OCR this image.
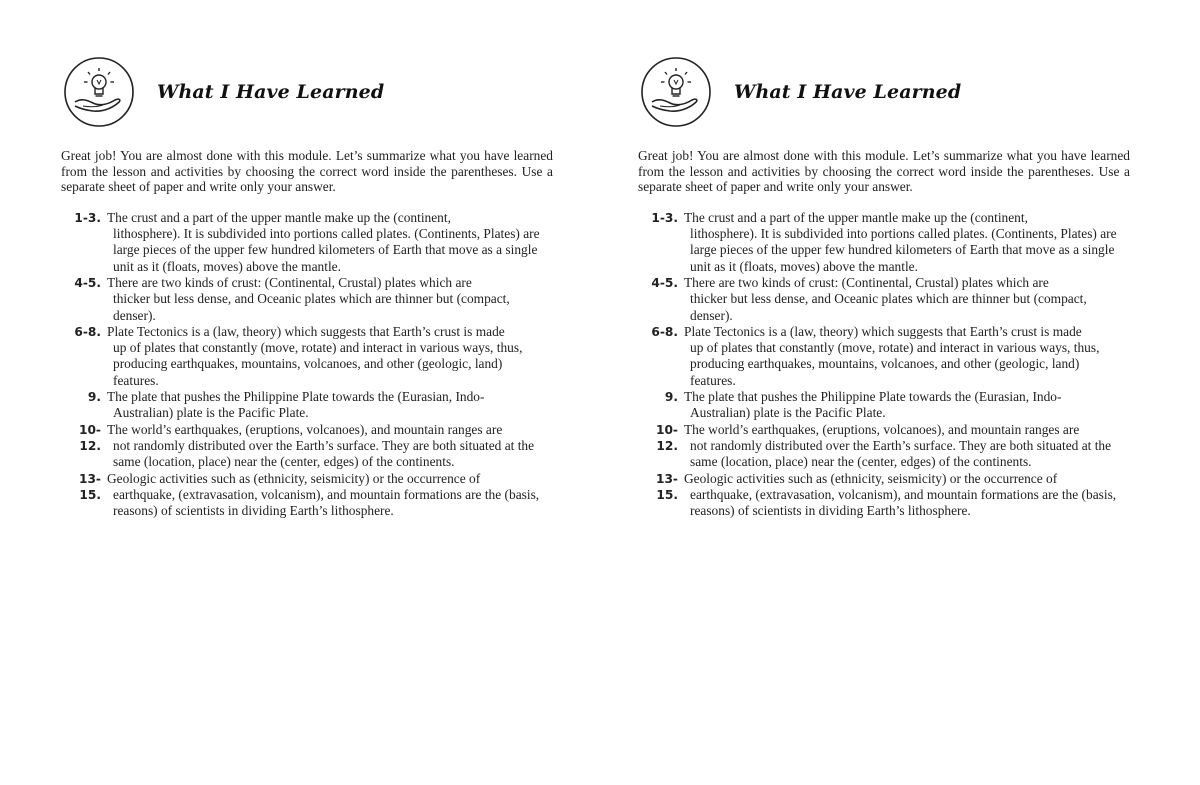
What I Have Learned
Great job! You are almost done with this module. Let’s summarize what you have learned from the lesson and activities by choosing the correct word inside the parentheses. Use a separate sheet of paper and write only your answer.
1-3. The crust and a part of the upper mantle make up the (continent,
lithosphere). It is subdivided into portions called plates. (Continents, Plates) are large pieces of the upper few hundred kilometers of Earth that move as a single unit as it (floats, moves) above the mantle.
4-5. There are two kinds of crust: (Continental, Crustal) plates which are
thicker but less dense, and Oceanic plates which are thinner but (compact, denser).
6-8. Plate Tectonics is a (law, theory) which suggests that Earth’s crust is made
up of plates that constantly (move, rotate) and interact in various ways, thus, producing earthquakes, mountains, volcanoes, and other (geologic, land) features.
9. The plate that pushes the Philippine Plate towards the (Eurasian, Indo-
Australian) plate is the Pacific Plate.
10-12.
The world’s earthquakes, (eruptions, volcanoes), and mountain ranges are
not randomly distributed over the Earth’s surface. They are both situated at the same (location, place) near the (center, edges) of the continents.
13-15.
Geologic activities such as (ethnicity, seismicity) or the occurrence of
earthquake, (extravasation, volcanism), and mountain formations are the (basis, reasons) of scientists in dividing Earth’s lithosphere.
What I Have Learned
Great job! You are almost done with this module. Let’s summarize what you have learned from the lesson and activities by choosing the correct word inside the parentheses. Use a separate sheet of paper and write only your answer.
1-3. The crust and a part of the upper mantle make up the (continent,
lithosphere). It is subdivided into portions called plates. (Continents, Plates) are large pieces of the upper few hundred kilometers of Earth that move as a single unit as it (floats, moves) above the mantle.
4-5. There are two kinds of crust: (Continental, Crustal) plates which are
thicker but less dense, and Oceanic plates which are thinner but (compact, denser).
6-8. Plate Tectonics is a (law, theory) which suggests that Earth’s crust is made
up of plates that constantly (move, rotate) and interact in various ways, thus, producing earthquakes, mountains, volcanoes, and other (geologic, land) features.
9. The plate that pushes the Philippine Plate towards the (Eurasian, Indo-
Australian) plate is the Pacific Plate.
10-12.
The world’s earthquakes, (eruptions, volcanoes), and mountain ranges are
not randomly distributed over the Earth’s surface. They are both situated at the same (location, place) near the (center, edges) of the continents.
13-15.
Geologic activities such as (ethnicity, seismicity) or the occurrence of
earthquake, (extravasation, volcanism), and mountain formations are the (basis, reasons) of scientists in dividing Earth’s lithosphere.
